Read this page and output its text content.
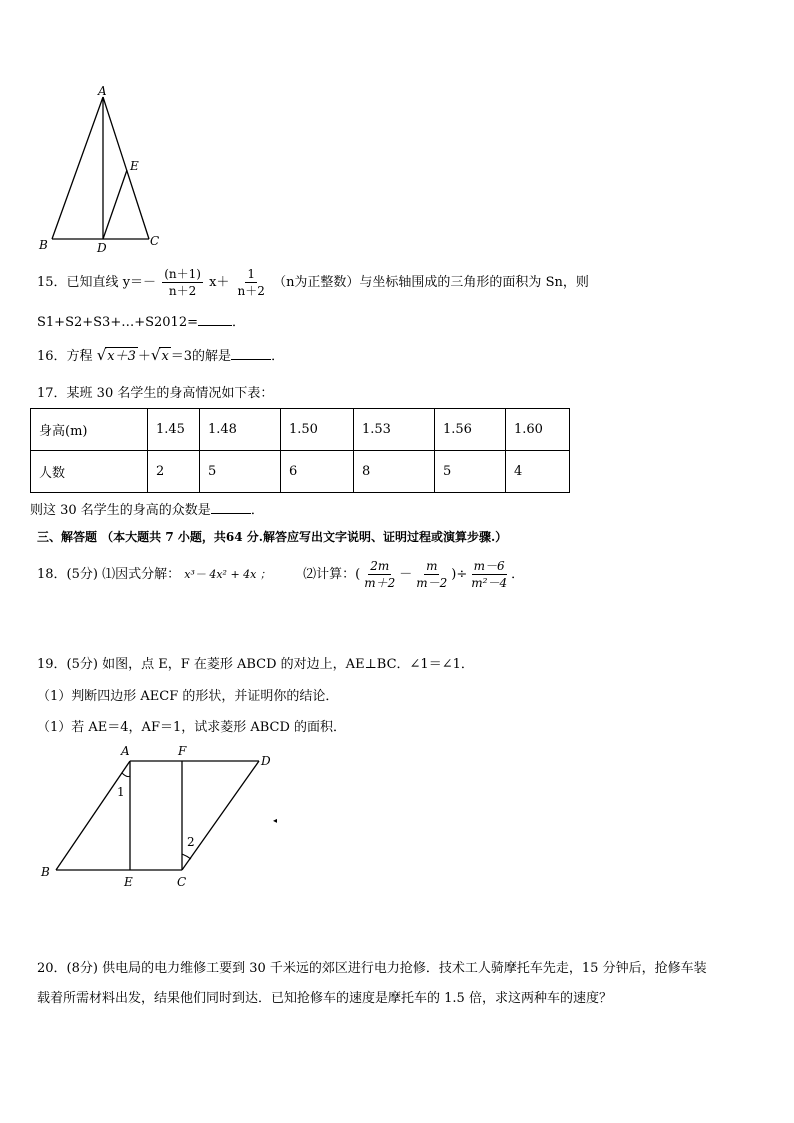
A
B	C
D
E
15．已知直线 $y=- \frac{(n+1)}{n+2} x+ \frac{1}{n+2} (n$为正整数）与坐标轴围成的三角形的面积为 Sn，则
S1+S2+S3+…+S2012=	．
16．方程 √x＋3 ＋√x ＝3的解是	．
17．某班 30 名学生的身高情况如下表：
身高(m)	1.45	1.48	1.50	1.53	1.56	1.60
人数	2	5	6	8	5	4
则这 30 名学生的身高的众数是	．
三、解答题 （本大题共 7 小题，共64 分.解答应写出文字说明、证明过程或演算步骤.）
18．(5分) ⑴因式分解： x³－ 4x² + 4x ； ⑵计算：( $\frac{2m}{m+2} - \frac{m}{m-2}$ )÷ $\frac{m-6}{\text{m²－4}}$ ．
19．(5分) 如图，点 E，F 在菱形 ABCD 的对边上，AE⊥BC．∠1＝∠1．
（1）判断四边形 AECF 的形状，并证明你的结论．
（1）若 AE＝4，AF＝1，试求菱形 ABCD 的面积．
A	F
D
B
E	C
1
2
◂
20．(8分) 供电局的电力维修工要到 30 千米远的郊区进行电力抢修．技术工人骑摩托车先走，15 分钟后，抢修车装
载着所需材料出发，结果他们同时到达．已知抢修车的速度是摩托车的 1.5 倍，求这两种车的速度？
